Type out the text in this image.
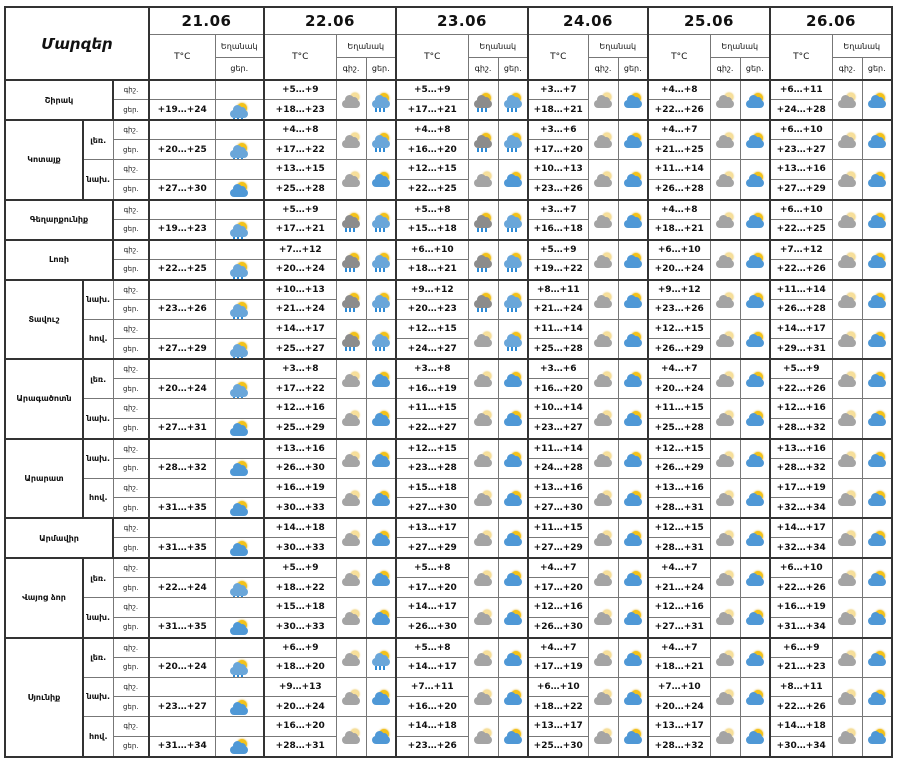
Մարզեր			21.06		22.06			23.06			24.06			25.06			26.06		
			T°C	Եղանակ	T°C	Եղանակ		T°C	Եղանակ		T°C	Եղանակ		T°C	Եղանակ		T°C	Եղանակ	
				ցեր.		գիշ.	ցեր.		գիշ.	ցեր.		գիշ.	ցեր.		գիշ.	ցեր.		գիշ.	ցեր.
Շիրակ		գիշ.			+5…+9			+5…+9			+3…+7			+4…+8			+6…+11	

		ցեր.	+19…+24		+18…+23			+17…+21			+18…+21			+22…+26			+24…+28		
Կոտայք	լեռ.	գիշ.			+4…+8			+4…+8			+3…+6			+4…+7			+6…+10	

		ցեր.	+20…+25		+17…+22			+16…+20			+17…+20			+21…+25			+23…+27		
	նախ.	գիշ.			+13…+15			+12…+15			+10…+13			+11…+14			+13…+16	

		ցեր.	+27…+30		+25…+28			+22…+25			+23…+26			+26…+28			+27…+29		
Գեղարքունիք		գիշ.			+5…+9			+5…+8			+3…+7			+4…+8			+6…+10	

		ցեր.	+19…+23		+17…+21			+15…+18			+16…+18			+18…+21			+22…+25		
Լոռի		գիշ.			+7…+12			+6…+10			+5…+9			+6…+10			+7…+12	

		ցեր.	+22…+25		+20…+24			+18…+21			+19…+22			+20…+24			+22…+26		
Տավուշ	նախ.	գիշ.			+10…+13			+9…+12			+8…+11			+9…+12			+11…+14	

		ցեր.	+23…+26		+21…+24			+20…+23			+21…+24			+23…+26			+26…+28		
	հով.	գիշ.			+14…+17			+12…+15			+11…+14			+12…+15			+14…+17	

		ցեր.	+27…+29		+25…+27			+24…+27			+25…+28			+26…+29			+29…+31		
Արագածոտն	լեռ.	գիշ.			+3…+8			+3…+8			+3…+6			+4…+7			+5…+9	

		ցեր.	+20…+24		+17…+22			+16…+19			+16…+20			+20…+24			+22…+26		
	նախ.	գիշ.			+12…+16			+11…+15			+10…+14			+11…+15			+12…+16	

		ցեր.	+27…+31		+25…+29			+22…+27			+23…+27			+25…+28			+28…+32		
Արարատ	նախ.	գիշ.			+13…+16			+12…+15			+11…+14			+12…+15			+13…+16	

		ցեր.	+28…+32		+26…+30			+23…+28			+24…+28			+26…+29			+28…+32		
	հով.	գիշ.			+16…+19			+15…+18			+13…+16			+13…+16			+17…+19	

		ցեր.	+31…+35		+30…+33			+27…+30			+27…+30			+28…+31			+32…+34		
Արմավիր		գիշ.			+14…+18			+13…+17			+11…+15			+12…+15			+14…+17	

		ցեր.	+31…+35		+30…+33			+27…+29			+27…+29			+28…+31			+32…+34		
Վայոց ձոր	լեռ.	գիշ.			+5…+9			+5…+8			+4…+7			+4…+7			+6…+10	

		ցեր.	+22…+24		+18…+22			+17…+20			+17…+20			+21…+24			+22…+26		
	նախ.	գիշ.			+15…+18			+14…+17			+12…+16			+12…+16			+16…+19	

		ցեր.	+31…+35		+30…+33			+26…+30			+26…+30			+27…+31			+31…+34		
Սյունիք	լեռ.	գիշ.			+6…+9			+5…+8			+4…+7			+4…+7			+6…+9	

		ցեր.	+20…+24		+18…+20			+14…+17			+17…+19			+18…+21			+21…+23		
	նախ.	գիշ.			+9…+13			+7…+11			+6…+10			+7…+10			+8…+11	

		ցեր.	+23…+27		+20…+24			+16…+20			+18…+22			+20…+24			+22…+26		
	հով.	գիշ.			+16…+20			+14…+18			+13…+17			+13…+17			+14…+18	

		ցեր.	+31…+34		+28…+31			+23…+26			+25…+30			+28…+32			+30…+34		
